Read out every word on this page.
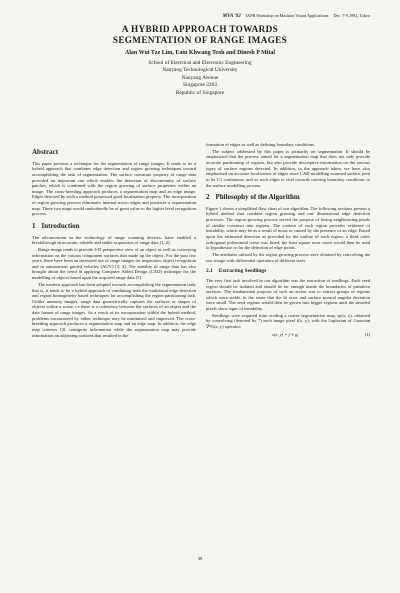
MVA '92 IAPR Workshop on Machine Vision Applications Dec. 7-9,1992, Tokyo
A HYBRID APPROACH TOWARDS
SEGMENTATION OF RANGE IMAGES
Alan Wui Tze Lim, Eam Khwang Teoh and Dinesh P Mital
School of Electrical and Electronic Engineering
Nanyang Technological University
Nanyang Avenue
Singapore 2263
Republic of Singapore
Abstract

This paper presents a technique for the segmentation of range images. It tends to be a hybrid approach that combines edge detection and region growing techniques toward accomplishing the task of segmentation. The surface curvature property of range data provided an important cue which enables the detection of discontinuity of surface patches, which is combined with the region growing of surface properties within an image. The cross-breeding approach produces a segmentation map and an edge image. Edges detected by such a method possessed good localisation property. The incorporation of region growing process eliminates internal micro edges and produces a segmentation map. These two maps would undoubtedly be of great value to the higher level recognition process.

1 Introduction

The advancement in the technology of range scanning devices, have enabled a breakthrough in accurate, reliable and stable acquisition of range data [1, 2].

Range image tends to provide 3-D perspective view of an object as well as conveying information on the various component surfaces that made up the object. For the past few years, there have been an increased use of range images for inspection, object recognition and in autonomous guided vehicles (AGV) [3, 4]. The stability of range data has also brought about the trend in applying Computer Aided Design (CAD) technique for the modelling of objects based upon the acquired range data [5].

The modern approach has been adopted towards accomplishing the segmentation task; that is, it tends to be a hybrid approach of combining both the traditional edge detection and region homogeneity based techniques for accomplishing the region partitioning task. Unlike intensity images, range data geometrically captures the surfaces or shapes of objects within a scene, i.e there is a coherency between the surfaces of an object and the data format of range images. As a result of its incorporation within the hybrid method, problems encountered by either technique may be minimised and improved. The cross-breeding approach produces a segmentation map and an edge map. In addition, the edge map conveys C0, contiguity information while the segmentation map may provide information on adjoining surfaces that resulted in the

formation of edges as well as defining boundary conditions.

The subject addressed by this paper is primarily on segmentation. It should be emphasized that the process aimed for a segmentation map that does not only provide accurate partitioning of regions, but also provide descriptive information on the various types of surface regions detected. In addition, in the approach taken, we have also emphasised on accurate localisation of edges since CAD modelling assumed surface joint to be C1 continuous; and as such edges is vital towards catering boundary conditions to the surface modelling process.

2 Philosophy of the Algorithm

Figure 1 shows a simplified flow chart of our algorithm. The following sections present a hybrid method that combine region growing and one dimensional edge detection processes. The region growing process served the purpose of fusing neighbouring pixels of similar construct into regions. The contour of each region provides evidence of instability, which may be as a result of noise or caused by the presence of an edge. Based upon the estimated direction as provided by the outline of each region, a third order orthogonal polynomial curve was fitted; the least square error curve would then be used to hypothesise or for the detection of edge points.

The attributes utilised by the region growing process were obtained by convolving the raw image with differential operators of different sizes.

2.1 Extracting Seedlings

The very first task involved in our algorithm was the extraction of seedlings. Each seed region should be isolated and should be far enough inside the boundaries of primitive surfaces. The fundamental purpose of such an action was to extract groups of regions which were stable, in the sense that the fit error and surface normal angular deviation were small. The seed regions would then be grown into bigger regions until the invaded pixels show signs of instability.

Seedlings were acquired from eroding a coarse segmentation map, sp(x, y), obtained by convolving (denoted by *) each image pixel f(x, y), with the Laplacian of Gaussian ∇²G(x, y) operator;

s(x, y) = f ∗ g,	(1)
39
